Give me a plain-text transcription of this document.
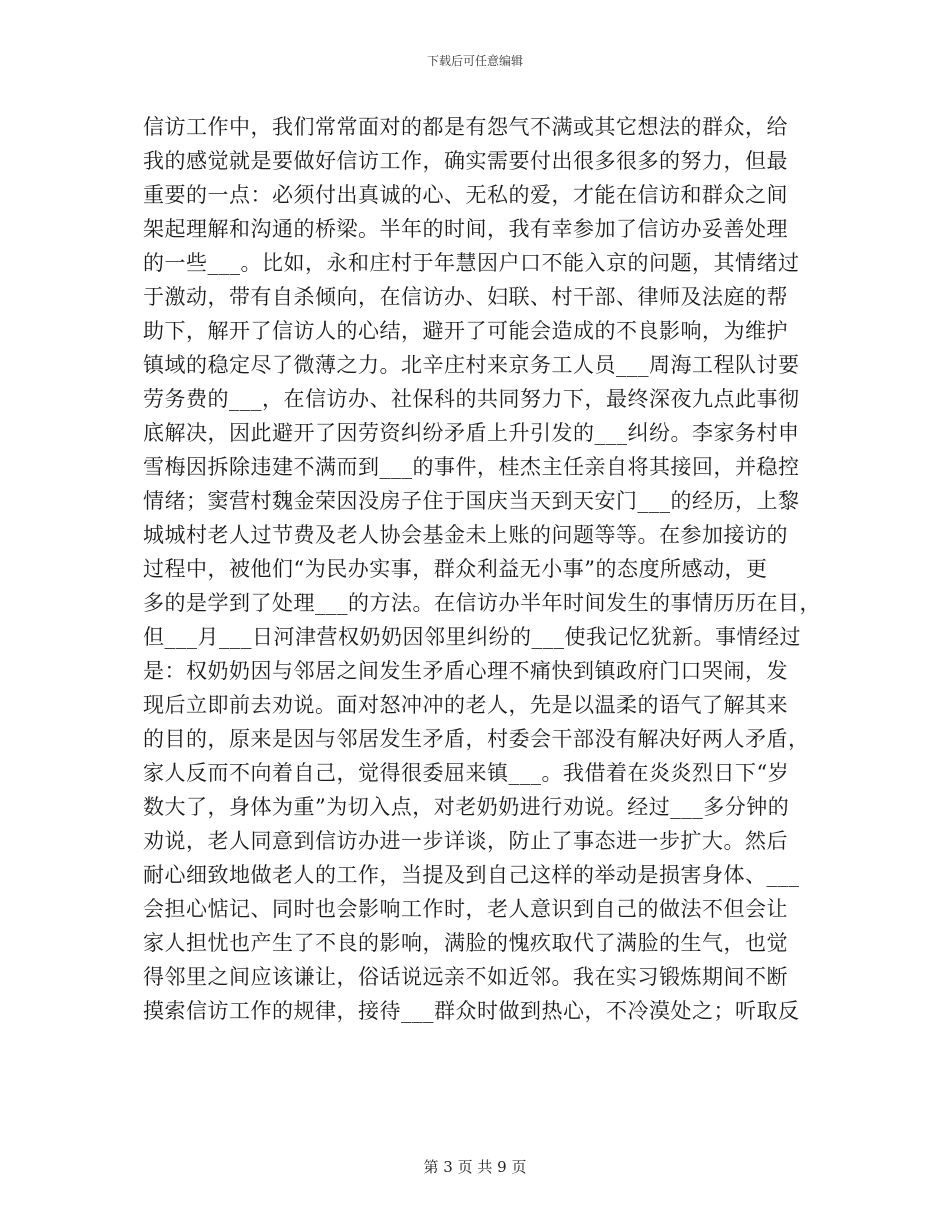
下载后可任意编辑
信访工作中，我们常常面对的都是有怨气不满或其它想法的群众，给
我的感觉就是要做好信访工作，确实需要付出很多很多的努力，但最
重要的一点：必须付出真诚的心、无私的爱，才能在信访和群众之间
架起理解和沟通的桥梁。半年的时间，我有幸参加了信访办妥善处理
的一些___。比如，永和庄村于年慧因户口不能入京的问题，其情绪过
于激动，带有自杀倾向，在信访办、妇联、村干部、律师及法庭的帮
助下，解开了信访人的心结，避开了可能会造成的不良影响，为维护
镇域的稳定尽了微薄之力。北辛庄村来京务工人员___周海工程队讨要
劳务费的___，在信访办、社保科的共同努力下，最终深夜九点此事彻
底解决，因此避开了因劳资纠纷矛盾上升引发的___纠纷。李家务村申
雪梅因拆除违建不满而到___的事件，桂杰主任亲自将其接回，并稳控
情绪；窦营村魏金荣因没房子住于国庆当天到天安门___的经历，上黎
城城村老人过节费及老人协会基金未上账的问题等等。在参加接访的
过程中，被他们“为民办实事，群众利益无小事”的态度所感动，更
多的是学到了处理___的方法。在信访办半年时间发生的事情历历在目，
但___月___日河津营权奶奶因邻里纠纷的___使我记忆犹新。事情经过
是：权奶奶因与邻居之间发生矛盾心理不痛快到镇政府门口哭闹，发
现后立即前去劝说。面对怒冲冲的老人，先是以温柔的语气了解其来
的目的，原来是因与邻居发生矛盾，村委会干部没有解决好两人矛盾，
家人反而不向着自己，觉得很委屈来镇___。我借着在炎炎烈日下“岁
数大了，身体为重”为切入点，对老奶奶进行劝说。经过___多分钟的
劝说，老人同意到信访办进一步详谈，防止了事态进一步扩大。然后
耐心细致地做老人的工作，当提及到自己这样的举动是损害身体、___
会担心惦记、同时也会影响工作时，老人意识到自己的做法不但会让
家人担忧也产生了不良的影响，满脸的愧疚取代了满脸的生气，也觉
得邻里之间应该谦让，俗话说远亲不如近邻。我在实习锻炼期间不断
摸索信访工作的规律，接待___群众时做到热心，不冷漠处之；听取反
第 3 页 共 9 页
